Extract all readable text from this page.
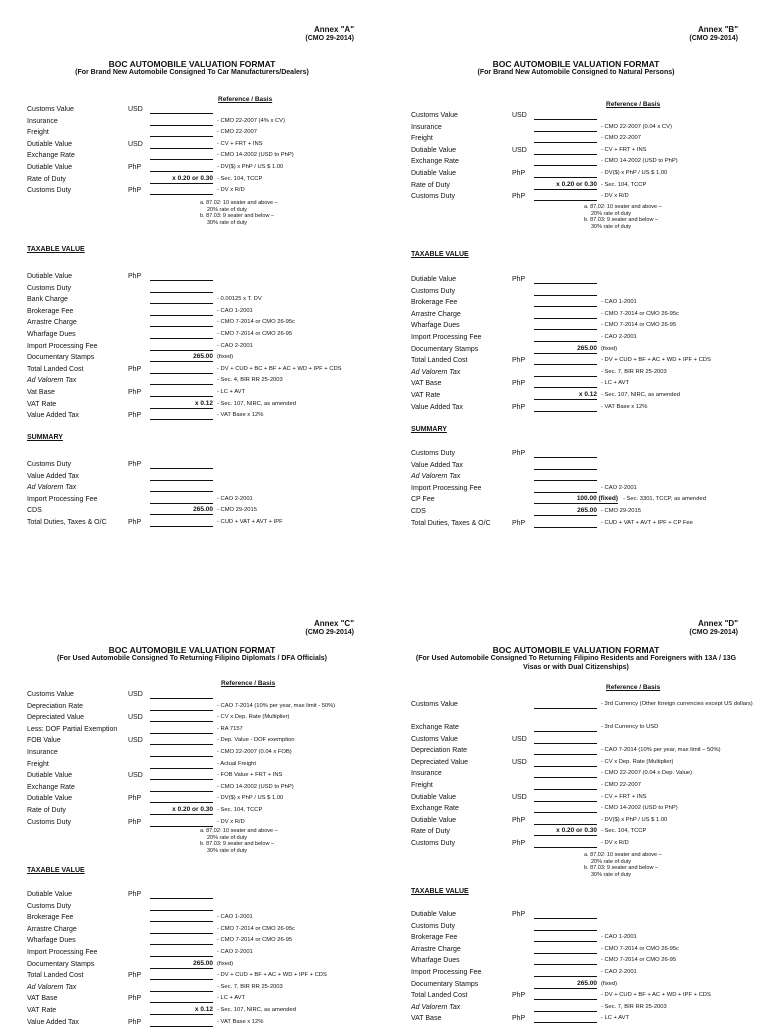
Annex "A"
(CMO 29-2014)
BOC AUTOMOBILE VALUATION FORMAT
(For Brand New Automobile Consigned To Car Manufacturers/Dealers)
Reference / Basis
a. 87.02: 10 seater and above –
20% rate of duty
b. 87.03: 9 seater and below –
30% rate of duty
TAXABLE VALUE
SUMMARY
Customs Value	USD
Insurance	- CMO 22-2007 (4% x CV)
Freight	- CMO 22-2007
Dutiable Value	USD	- CV + FRT + INS
Exchange Rate	- CMO 14-2002 (USD to PhP)
Dutiable Value	PhP	- DV($) x PhP / US $ 1.00
Rate of Duty	x 0.20 or 0.30 - Sec. 104, TCCP
Customs Duty	PhP	- DV x R/D
Dutiable Value	PhP
Customs Duty
Bank Charge	- 0.00125 x T. DV
Brokerage Fee	- CAO 1-2001
Arrastre Charge	- CMO 7-2014 or CMO 26-95c
Wharfage Dues	- CMO 7-2014 or CMO 26-95
Import Processing Fee	- CAO 2-2001
Documentary Stamps	265.00 (fixed)
Total Landed Cost	PhP	- DV + CUD + BC + BF + AC + WD + IPF + CDS
Ad Valorem Tax	- Sec. 4, BIR RR 25-2003
Vat Base	PhP	- LC + AVT
VAT Rate	x 0.12 - Sec. 107, NIRC, as amended
Value Added Tax	PhP	- VAT Base x 12%
Customs Duty	PhP
Value Added Tax
Ad Valorem Tax
Import Processing Fee	- CAO 2-2001
CDS	265.00 - CMO 29-2015
Total Duties, Taxes & O/C	PhP	- CUD + VAT + AVT + IPF
Annex "B"
(CMO 29-2014)
BOC AUTOMOBILE VALUATION FORMAT
(For Brand New Automobile Consigned to Natural Persons)
Reference / Basis
a. 87.02: 10 seater and above –
20% rate of duty
b. 87.03: 9 seater and below –
30% rate of duty
TAXABLE VALUE
SUMMARY
Customs Value	USD
Insurance	- CMO 22-2007 (0.04 x CV)
Freight	- CMO 22-2007
Dutiable Value	USD	- CV + FRT + INS
Exchange Rate	- CMO 14-2002 (USD to PhP)
Dutiable Value	PhP	- DV($) x PhP / US $ 1.00
Rate of Duty	x 0.20 or 0.30 - Sec. 104, TCCP
Customs Duty	PhP	- DV x R/D
Dutiable Value	PhP
Customs Duty
Brokerage Fee	- CAO 1-2001
Arrastre Charge	- CMO 7-2014 or CMO 26-95c
Wharfage Dues	- CMO 7-2014 or CMO 26-95
Import Processing Fee	- CAO 2-2001
Documentary Stamps	265.00 (fixed)
Total Landed Cost	PhP	- DV + CUD + BF + AC + WD + IPF + CDS
Ad Valorem Tax	- Sec. 7, BIR RR 25-2003
VAT Base	PhP	- LC + AVT
VAT Rate	x 0.12 - Sec. 107, NIRC, as amended
Value Added Tax	PhP	- VAT Base x 12%
Customs Duty	PhP
Value Added Tax
Ad Valorem Tax
Import Processing Fee	- CAO 2-2001
CP Fee	100.00 (fixed) - Sec. 3301, TCCP, as amended
CDS	265.00 - CMO 29-2015
Total Duties, Taxes & O/C	PhP	- CUD + VAT + AVT + IPF + CP Fee
Annex "C"
(CMO 29-2014)
BOC AUTOMOBILE VALUATION FORMAT
(For Used Automobile Consigned To Returning Filipino Diplomats / DFA Officials)
Reference / Basis
a. 87.02: 10 seater and above –
20% rate of duty
b. 87.03: 9 seater and below –
30% rate of duty
TAXABLE VALUE
Customs Value	USD
Depreciation Rate	- CAO 7-2014 (10% per year, max limit - 50%)
Depreciated Value	USD	- CV x Dep. Rate (Multiplier)
Less: DOF Partial Exemption	- RA 7157
FOB Value	USD	- Dep. Value - DOF exemption
Insurance	- CMO 22-2007 (0.04 x FOB)
Freight	- Actual Freight
Dutiable Value	USD	- FOB Value + FRT + INS
Exchange Rate	- CMO 14-2002 (USD to PhP)
Dutiable Value	PhP	- DV($) x PhP / US $ 1.00
Rate of Duty	x 0.20 or 0.30 - Sec. 104, TCCP
Customs Duty	PhP	- DV x R/D
Dutiable Value	PhP
Customs Duty
Brokerage Fee	- CAO 1-2001
Arrastre Charge	- CMO 7-2014 or CMO 26-95c
Wharfage Dues	- CMO 7-2014 or CMO 26-95
Import Processing Fee	- CAO 2-2001
Documentary Stamps	265.00 (fixed)
Total Landed Cost	PhP	- DV + CUD + BF + AC + WD + IPF + CDS
Ad Valorem Tax	- Sec. 7, BIR RR 25-2003
VAT Base	PhP	- LC + AVT
VAT Rate	x 0.12 - Sec. 107, NIRC, as amended
Value Added Tax	PhP	- VAT Base x 12%
Annex "D"
(CMO 29-2014)
BOC AUTOMOBILE VALUATION FORMAT
(For Used Automobile Consigned To Returning Filipino Residents and Foreigners with 13A / 13G Visas or with Dual Citizenships)
Reference / Basis
Customs Value	- 3rd Currency (Other foreign currencies except US dollars)
a. 87.02: 10 seater and above –
20% rate of duty
b. 87.03: 9 seater and below –
30% rate of duty
TAXABLE VALUE
Exchange Rate	- 3rd Currency to USD
Customs Value	USD
Depreciation Rate	- CAO 7-2014 (10% per year, max limit – 50%)
Depreciated Value	USD	- CV x Dep. Rate (Multiplier)
Insurance	- CMO 22-2007 (0.04 x Dep. Value)
Freight	- CMO 22-2007
Dutiable Value	USD	- CV + FRT + INS
Exchange Rate	- CMO 14-2002 (USD to PhP)
Dutiable Value	PhP	- DV($) x PhP / US $ 1.00
Rate of Duty	x 0.20 or 0.30 - Sec. 104, TCCP
Customs Duty	PhP	- DV x R/D
Dutiable Value	PhP
Customs Duty
Brokerage Fee	- CAO 1-2001
Arrastre Charge	- CMO 7-2014 or CMO 26-95c
Wharfage Dues	- CMO 7-2014 or CMO 26-95
Import Processing Fee	- CAO 2-2001
Documentary Stamps	265.00 (fixed)
Total Landed Cost	PhP	- DV + CUD + BF + AC + WD + IPF + CDS
Ad Valorem Tax	- Sec. 7, BIR RR 25-2003
VAT Base	PhP	- LC + AVT
